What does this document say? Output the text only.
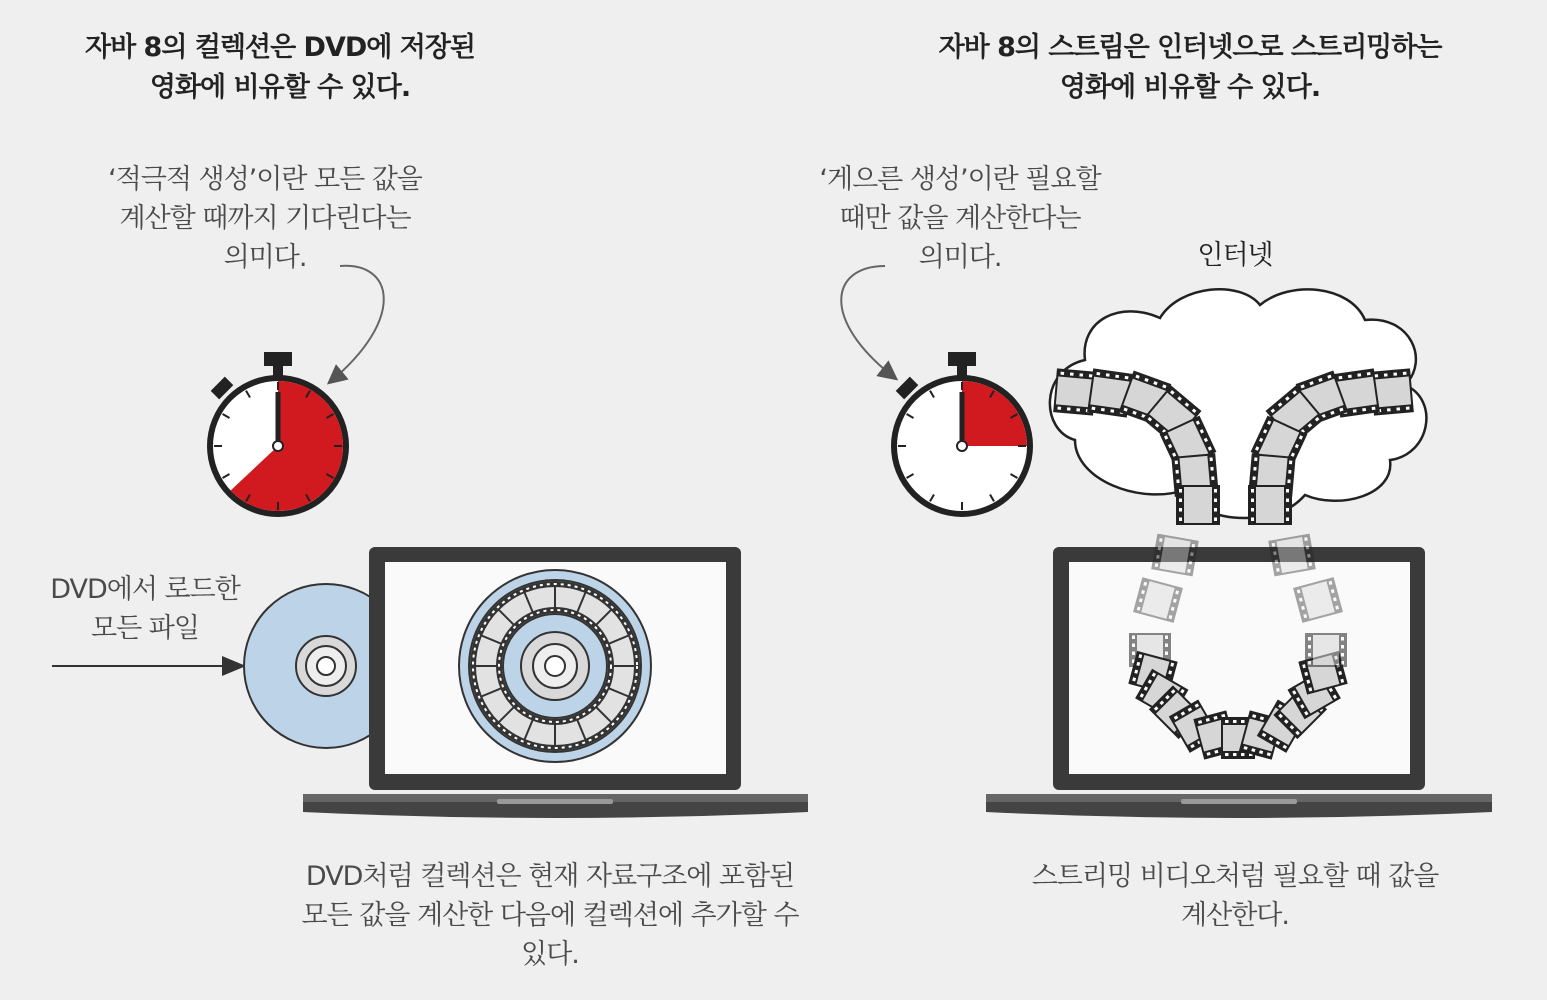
자바 8의 컬렉션은 DVD에 저장된
영화에 비유할 수 있다.
‘적극적 생성’이란 모든 값을
계산할 때까지 기다린다는
의미다.
DVD에서 로드한
모든 파일
DVD처럼 컬렉션은 현재 자료구조에 포함된
모든 값을 계산한 다음에 컬렉션에 추가할 수
있다.
자바 8의 스트림은 인터넷으로 스트리밍하는
영화에 비유할 수 있다.
‘게으른 생성’이란 필요할
때만 값을 계산한다는
의미다.	인터넷
스트리밍 비디오처럼 필요할 때 값을
계산한다.
